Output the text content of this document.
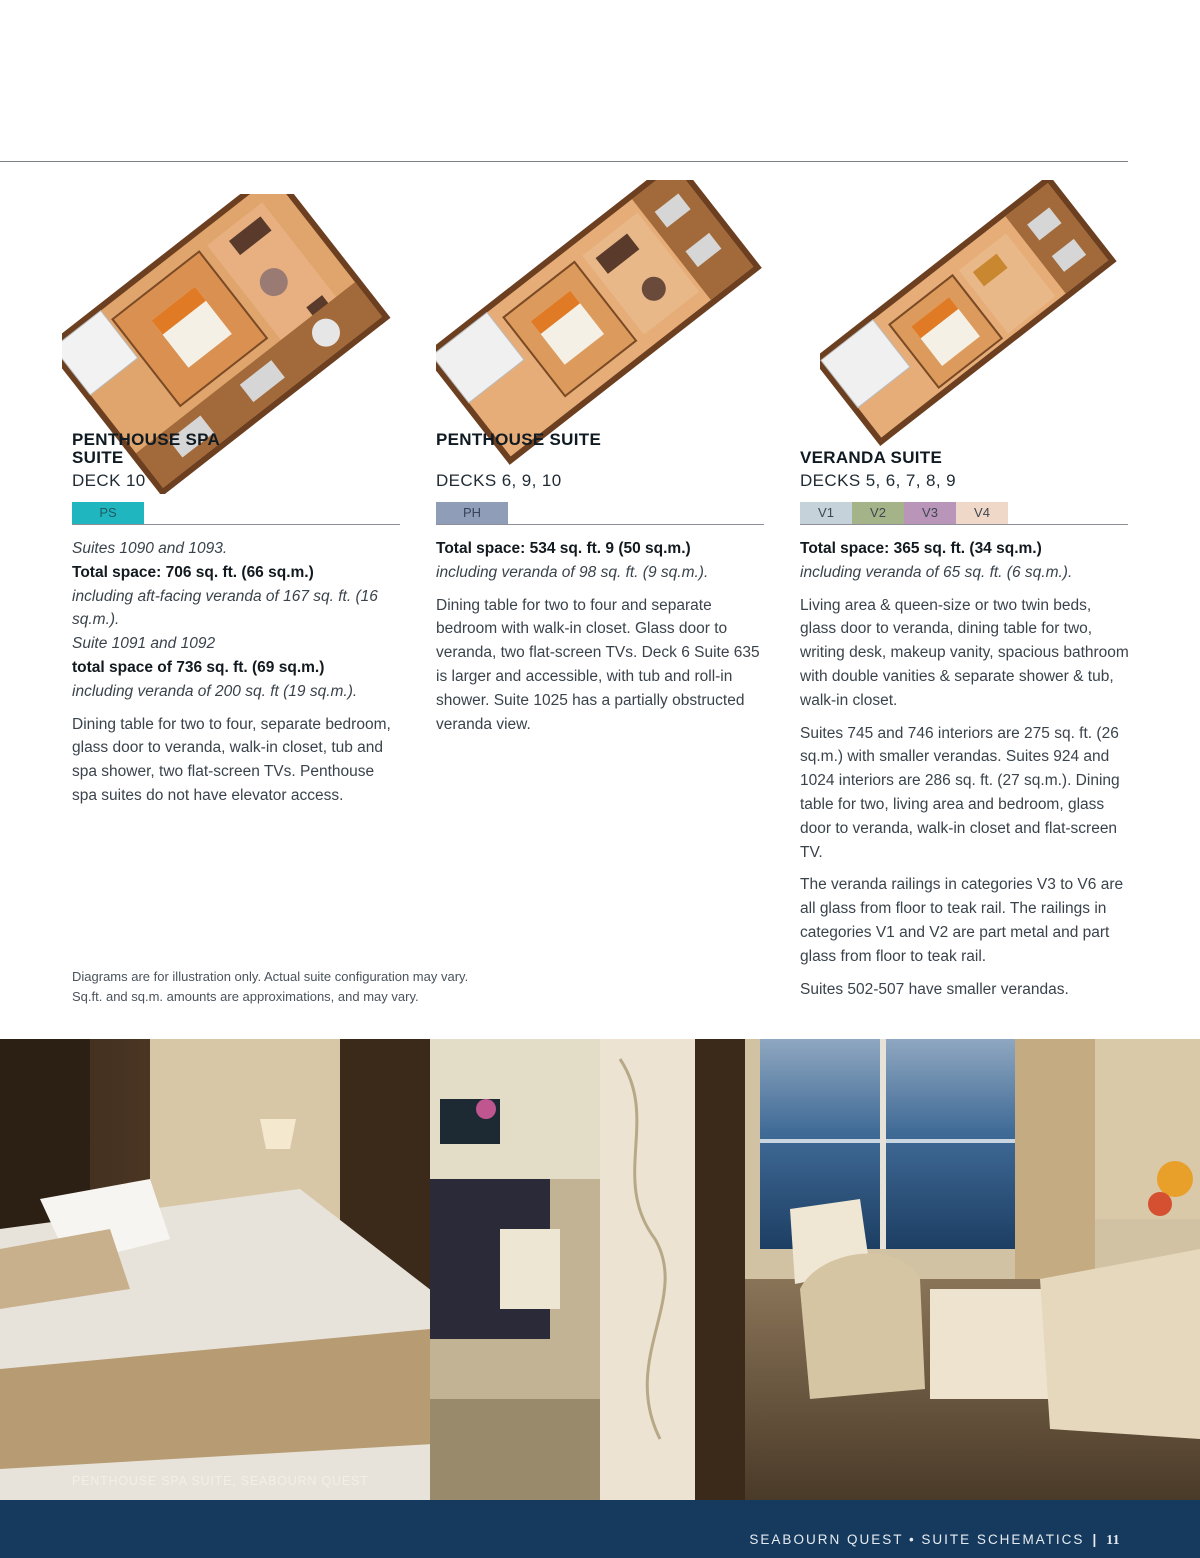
PENTHOUSE SPA SUITE
DECK 10
PS

Suites 1090 and 1093.

Total space: 706 sq. ft. (66 sq.m.)

including aft-facing veranda of 167 sq. ft. (16 sq.m.).

Suite 1091 and 1092

total space of 736 sq. ft. (69 sq.m.)

including veranda of 200 sq. ft (19 sq.m.).

Dining table for two to four, separate bedroom, glass door to veranda, walk-in closet, tub and spa shower, two flat-screen TVs. Penthouse spa suites do not have elevator access.

PENTHOUSE SUITE
DECKS 6, 9, 10
PH

Total space: 534 sq. ft. 9 (50 sq.m.)

including veranda of 98 sq. ft. (9 sq.m.).

Dining table for two to four and separate bedroom with walk-in closet. Glass door to veranda, two flat-screen TVs. Deck 6 Suite 635 is larger and accessible, with tub and roll-in shower. Suite 1025 has a partially obstructed veranda view.

VERANDA SUITE
DECKS 5, 6, 7, 8, 9
V1	V2	V3	V4

Total space: 365 sq. ft. (34 sq.m.)

including veranda of 65 sq. ft. (6 sq.m.).

Living area & queen-size or two twin beds, glass door to veranda, dining table for two, writing desk, makeup vanity, spacious bathroom with double vanities & separate shower & tub, walk-in closet.

Suites 745 and 746 interiors are 275 sq. ft. (26 sq.m.) with smaller verandas. Suites 924 and 1024 interiors are 286 sq. ft. (27 sq.m.). Dining table for two, living area and bedroom, glass door to veranda, walk-in closet and flat-screen TV.

The veranda railings in categories V3 to V6 are all glass from floor to teak rail. The railings in categories V1 and V2 are part metal and part glass from floor to teak rail.

Suites 502-507 have smaller verandas.

Diagrams are for illustration only. Actual suite configuration may vary.
Sq.ft. and sq.m. amounts are approximations, and may vary.
PENTHOUSE SPA SUITE, SEABOURN QUEST
SEABOURN QUEST • SUITE SCHEMATICS | 11
